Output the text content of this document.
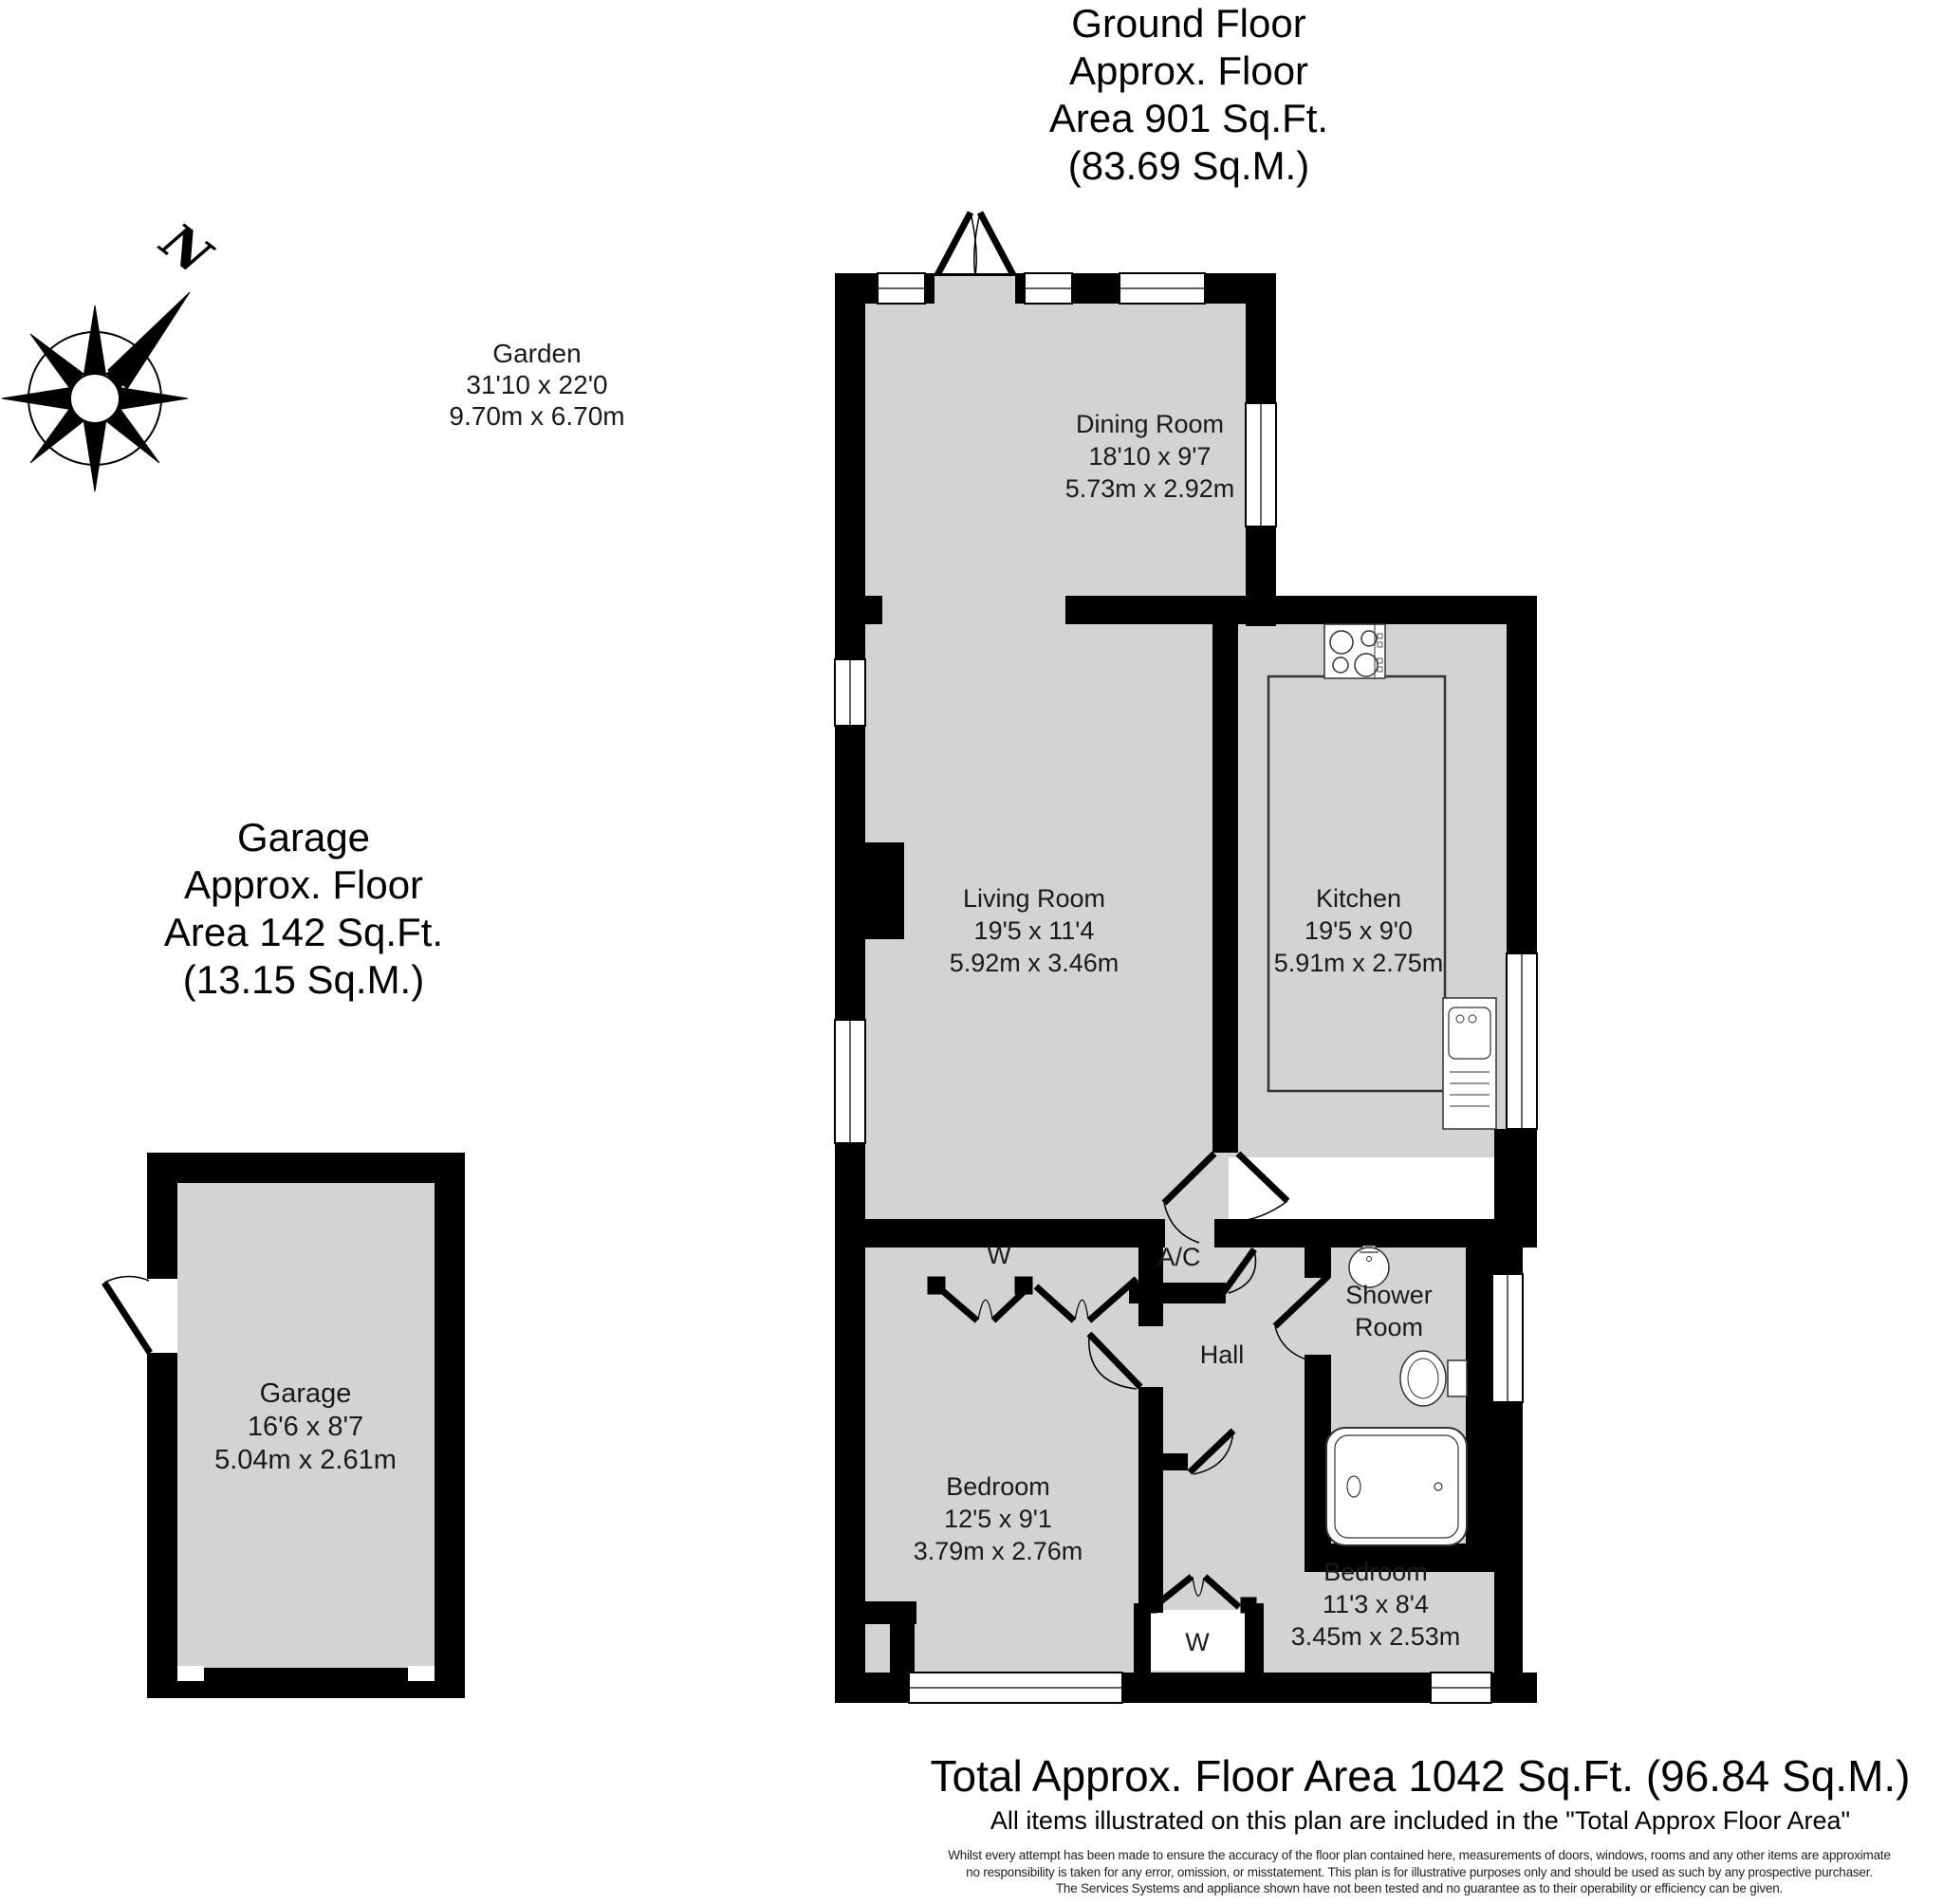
N
Ground Floor
Approx. Floor
Area 901 Sq.Ft.
(83.69 Sq.M.)
Garden
31'10 x 22'0
9.70m x 6.70m
Garage
Approx. Floor
Area 142 Sq.Ft.
(13.15 Sq.M.)
Garage
16'6 x 8'7
5.04m x 2.61m
Dining Room
18'10 x 9'7
5.73m x 2.92m
Living Room
19'5 x 11'4
5.92m x 3.46m
Kitchen
19'5 x 9'0
5.91m x 2.75m
Bedroom
12'5 x 9'1
3.79m x 2.76m
Bedroom
11'3 x 8'4
3.45m x 2.53m
Shower
Room
Hall
A/C
W
W
Total Approx. Floor Area 1042 Sq.Ft. (96.84 Sq.M.)
All items illustrated on this plan are included in the "Total Approx Floor Area"
Whilst every attempt has been made to ensure the accuracy of the floor plan contained here, measurements of doors, windows, rooms and any other items are approximate
no responsibility is taken for any error, omission, or misstatement. This plan is for illustrative purposes only and should be used as such by any prospective purchaser.
The Services Systems and appliance shown have not been tested and no guarantee as to their operability or efficiency can be given.
